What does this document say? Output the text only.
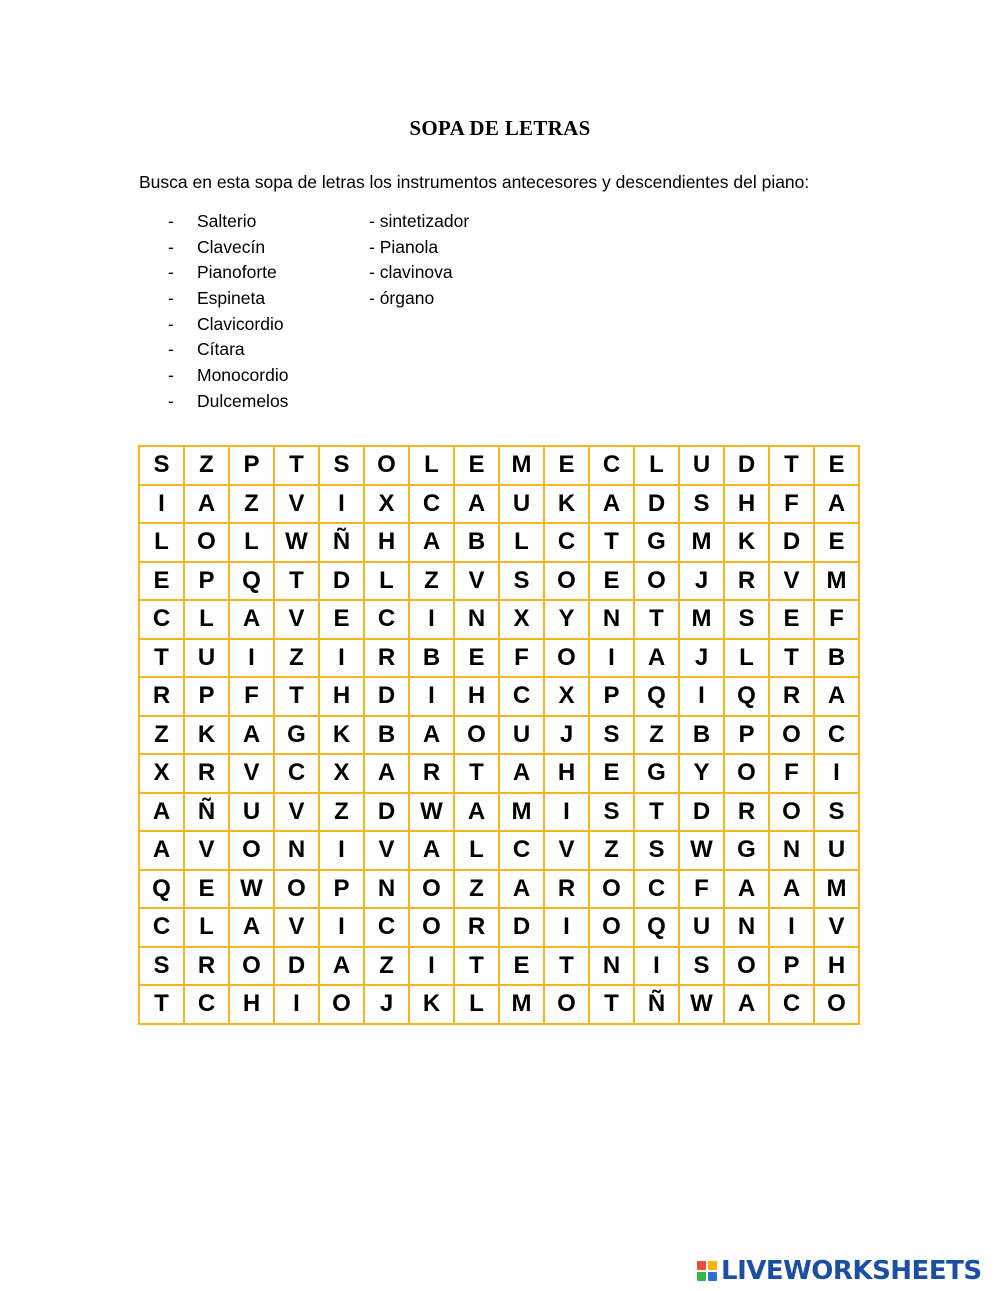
SOPA DE LETRAS
Busca en esta sopa de letras los instrumentos antecesores y descendientes del piano:
- Salterio
- Clavecín
- Pianoforte
- Espineta
- Clavicordio
- Cítara
- Monocordio
- Dulcemelos
- sintetizador
- Pianola
- clavinova
- órgano
S	Z	P	T	S	O	L	E	M	E	C	L	U	D	T	E
I	A	Z	V	I	X	C	A	U	K	A	D	S	H	F	A
L	O	L	W	Ñ	H	A	B	L	C	T	G	M	K	D	E
E	P	Q	T	D	L	Z	V	S	O	E	O	J	R	V	M
C	L	A	V	E	C	I	N	X	Y	N	T	M	S	E	F
T	U	I	Z	I	R	B	E	F	O	I	A	J	L	T	B
R	P	F	T	H	D	I	H	C	X	P	Q	I	Q	R	A
Z	K	A	G	K	B	A	O	U	J	S	Z	B	P	O	C
X	R	V	C	X	A	R	T	A	H	E	G	Y	O	F	I
A	Ñ	U	V	Z	D	W	A	M	I	S	T	D	R	O	S
A	V	O	N	I	V	A	L	C	V	Z	S	W	G	N	U
Q	E	W	O	P	N	O	Z	A	R	O	C	F	A	A	M
C	L	A	V	I	C	O	R	D	I	O	Q	U	N	I	V
S	R	O	D	A	Z	I	T	E	T	N	I	S	O	P	H
T	C	H	I	O	J	K	L	M	O	T	Ñ	W	A	C	O
LIVEWORKSHEETS
